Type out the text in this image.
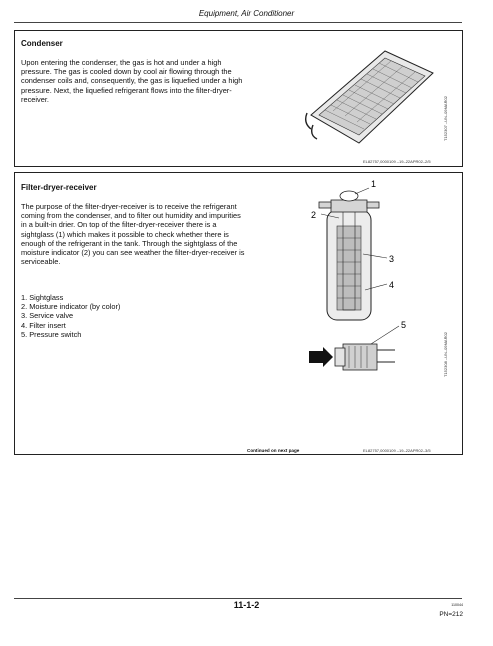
Equipment, Air Conditioner
Condenser
Upon entering the condenser, the gas is hot and under a high pressure. The gas is cooled down by cool air flowing through the condenser coils and, consequently, the gas is liquefied under a high pressure. Next, the liquefied refrigerant flows into the filter-dryer-receiver.	T152307 –UN–09MAR02
EL82757,0000109 –19–22APR02–2/5
Filter-dryer-receiver
The purpose of the filter-dryer-receiver is to receive the refrigerant coming from the condenser, and to filter out humidity and impurities in a built-in drier. On top of the filter-dryer-receiver there is a sightglass (1) which makes it possible to check whether there is enough of the refrigerant in the tank. Through the sightglass of the moisture indicator (2) you can see weather the filter-dryer-receiver is serviceable.
1. Sightglass
2. Moisture indicator (by color)
3. Service valve
4. Filter insert
5. Pressure switch
1
2
3
4
5
T152308 –UN–09MAR02
Continued on next page	EL82757,0000109 –19–22APR02–3/5
11-1-2	110044
PN=212
